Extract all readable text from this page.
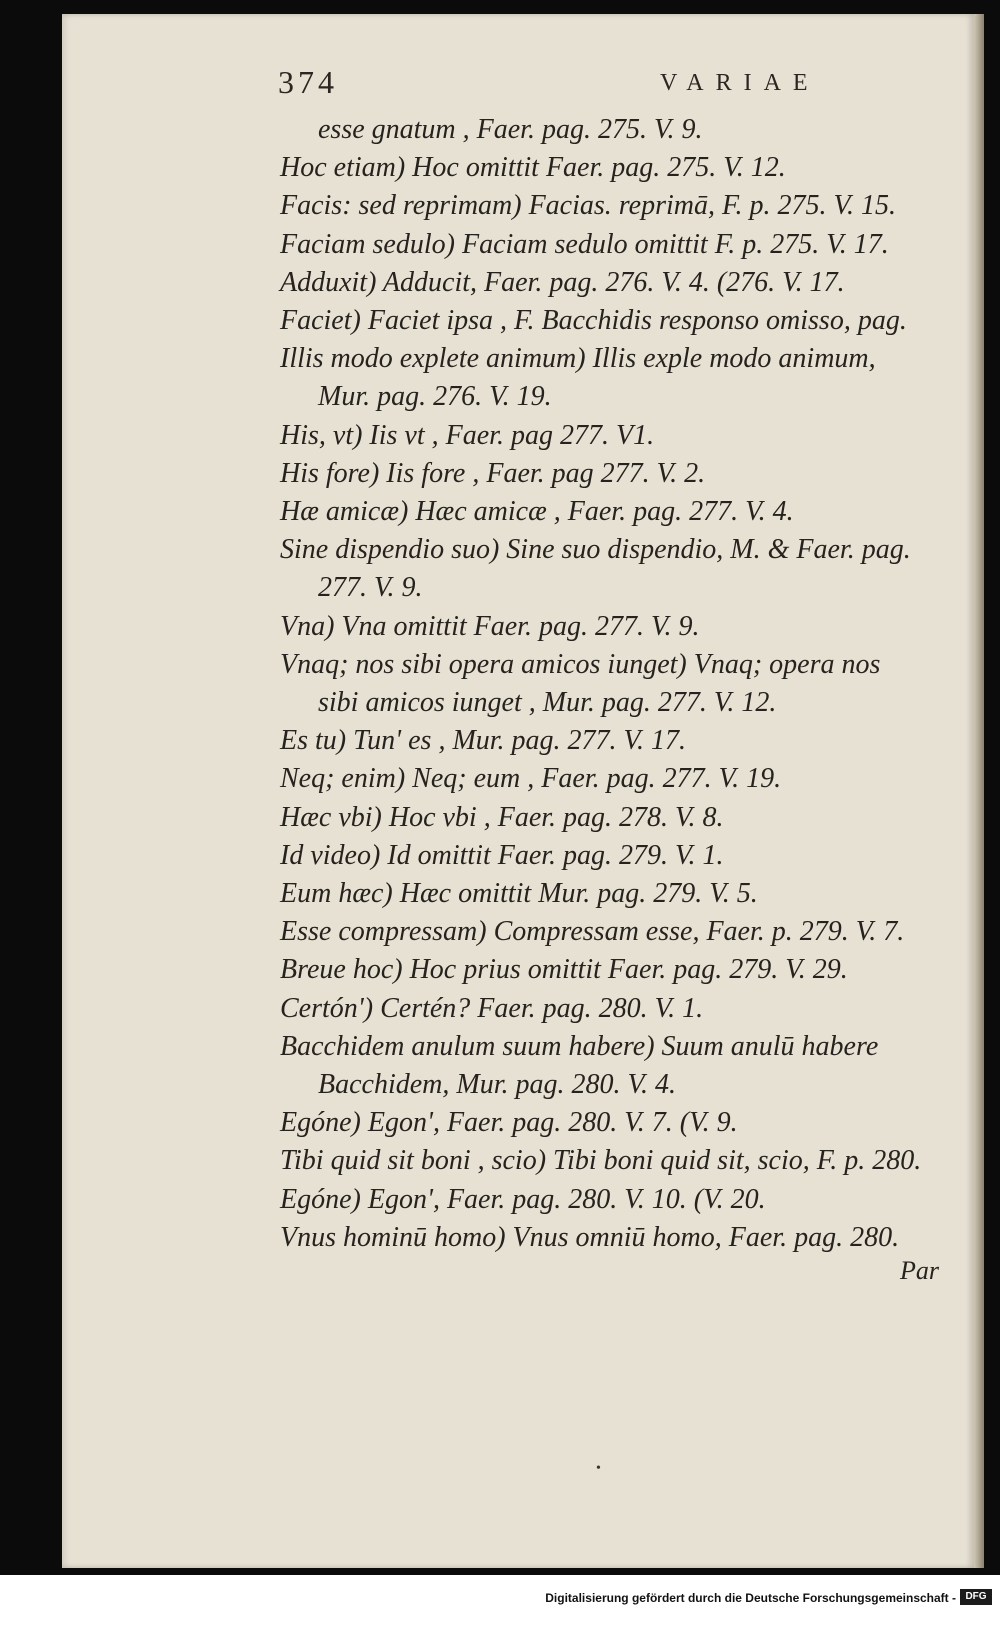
374	VARIAE
esse gnatum , Faer. pag. 275. V. 9.
Hoc etiam) Hoc omittit Faer. pag. 275. V. 12.
Facis: sed reprimam) Facias. reprimā, F. p. 275. V. 15.
Faciam sedulo) Faciam sedulo omittit F. p. 275. V. 17.
Adduxit) Adducit, Faer. pag. 276. V. 4. (276. V. 17.
Faciet) Faciet ipsa , F. Bacchidis responso omisso, pag.
Illis modo explete animum) Illis exple modo animum,
Mur. pag. 276. V. 19.
His, vt) Iis vt , Faer. pag 277. V1.
His fore) Iis fore , Faer. pag 277. V. 2.
Hæ amicæ) Hæc amicæ , Faer. pag. 277. V. 4.
Sine dispendio suo) Sine suo dispendio, M. & Faer. pag.
277. V. 9.
Vna) Vna omittit Faer. pag. 277. V. 9.
Vnaq; nos sibi opera amicos iunget) Vnaq; opera nos
sibi amicos iunget , Mur. pag. 277. V. 12.
Es tu) Tun' es , Mur. pag. 277. V. 17.
Neq; enim) Neq; eum , Faer. pag. 277. V. 19.
Hæc vbi) Hoc vbi , Faer. pag. 278. V. 8.
Id video) Id omittit Faer. pag. 279. V. 1.
Eum hæc) Hæc omittit Mur. pag. 279. V. 5.
Esse compressam) Compressam esse, Faer. p. 279. V. 7.
Breue hoc) Hoc prius omittit Faer. pag. 279. V. 29.
Certón') Certén? Faer. pag. 280. V. 1.
Bacchidem anulum suum habere) Suum anulū habere
Bacchidem, Mur. pag. 280. V. 4.
Egóne) Egon', Faer. pag. 280. V. 7. (V. 9.
Tibi quid sit boni , scio) Tibi boni quid sit, scio, F. p. 280.
Egóne) Egon', Faer. pag. 280. V. 10. (V. 20.
Vnus hominū homo) Vnus omniū homo, Faer. pag. 280.
Par
•
Digitalisierung gefördert durch die Deutsche Forschungsgemeinschaft - DFG
